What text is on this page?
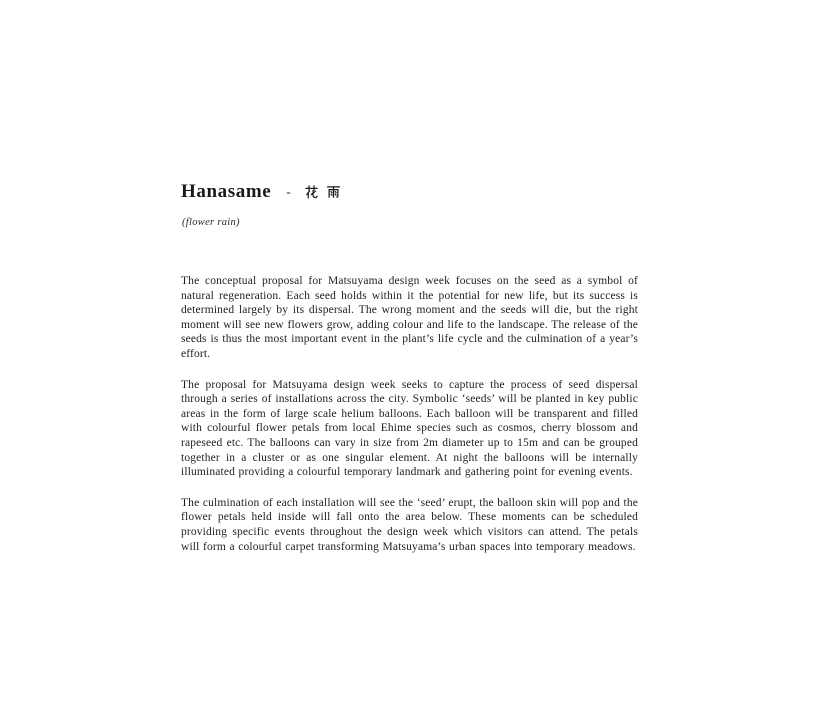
Hanasame -
(flower rain)

The conceptual proposal for Matsuyama design week focuses on the seed as a symbol of natural regeneration. Each seed holds within it the potential for new life, but its success is determined largely by its dispersal. The wrong moment and the seeds will die, but the right moment will see new flowers grow, adding colour and life to the landscape. The release of the seeds is thus the most important event in the plant’s life cycle and the culmination of a year’s effort.

The proposal for Matsuyama design week seeks to capture the process of seed dispersal through a series of installations across the city. Symbolic ‘seeds’ will be planted in key public areas in the form of large scale helium balloons. Each balloon will be transparent and filled with colourful flower petals from local Ehime species such as cosmos, cherry blossom and rapeseed etc. The balloons can vary in size from 2m diameter up to 15m and can be grouped together in a cluster or as one singular element. At night the balloons will be internally illuminated providing a colourful temporary landmark and gathering point for evening events.

The culmination of each installation will see the ‘seed’ erupt, the balloon skin will pop and the flower petals held inside will fall onto the area below. These moments can be scheduled providing specific events throughout the design week which visitors can attend. The petals will form a colourful carpet transforming Matsuyama’s urban spaces into temporary meadows.
